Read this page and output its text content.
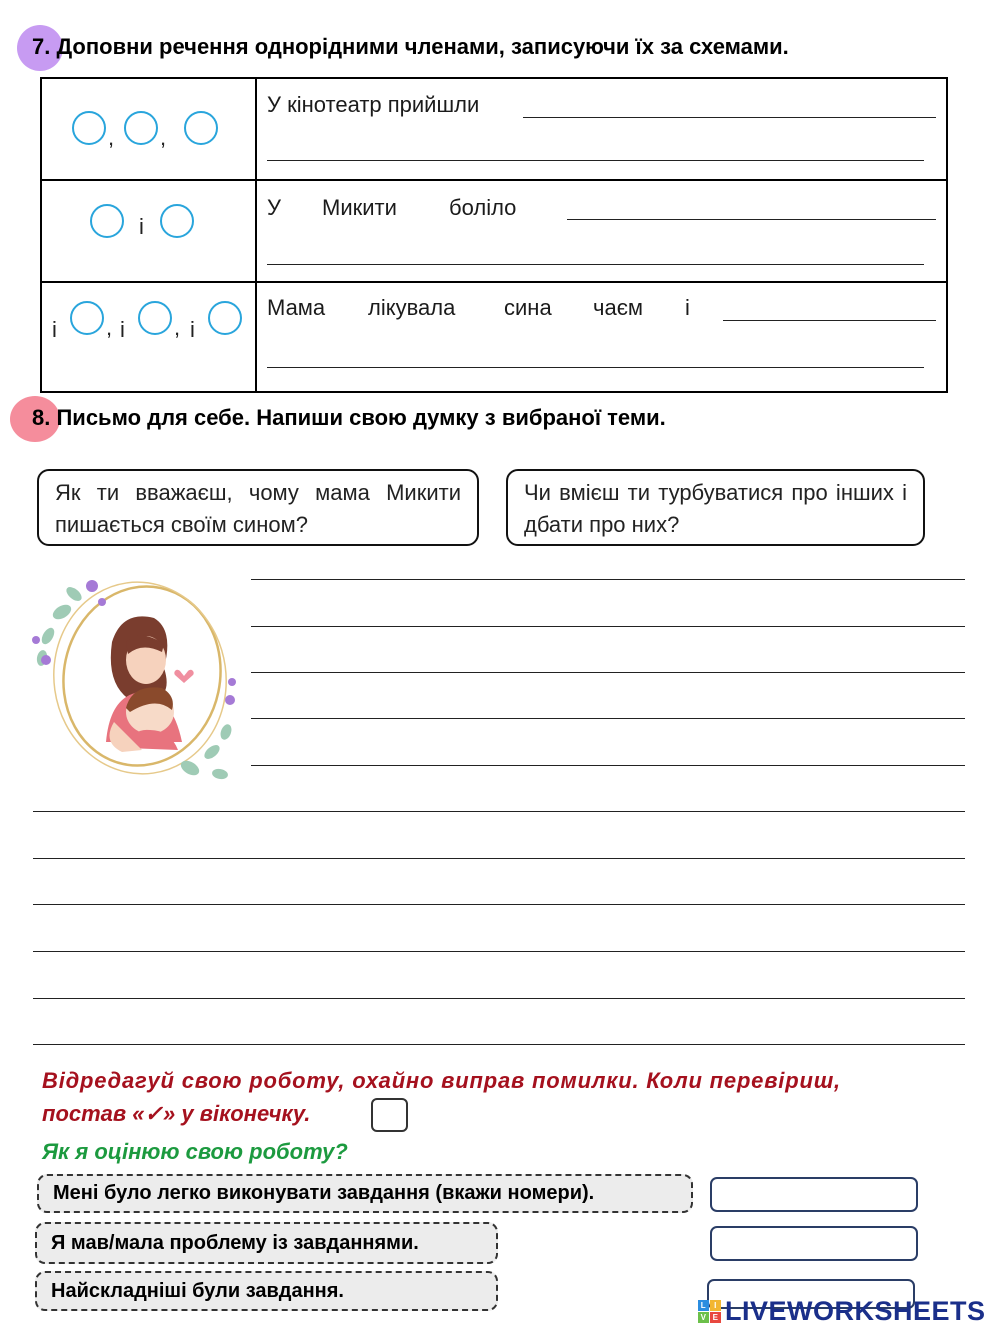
7. Доповни речення однорідними членами, записуючи їх за схемами.
, ,	У кінотеатр прийшли

і	У Микити боліло

і , і , і	Мама лікувала сина чаєм і
8. Письмо для себе. Напиши свою думку з вибраної теми.
Як ти вважаєш, чому мама Микити пишається своїм сином?
Чи вмієш ти турбуватися про інших і дбати про них?
Відредагуй свою роботу, охайно виправ помилки. Коли перевіриш,
постав «✓» у віконечку.
Як я оцінюю свою роботу?
Мені було легко виконувати завдання (вкажи номери).
Я мав/мала проблему із завданнями.
Найскладніші були завдання.
L I
V E LIVEWORKSHEETS
